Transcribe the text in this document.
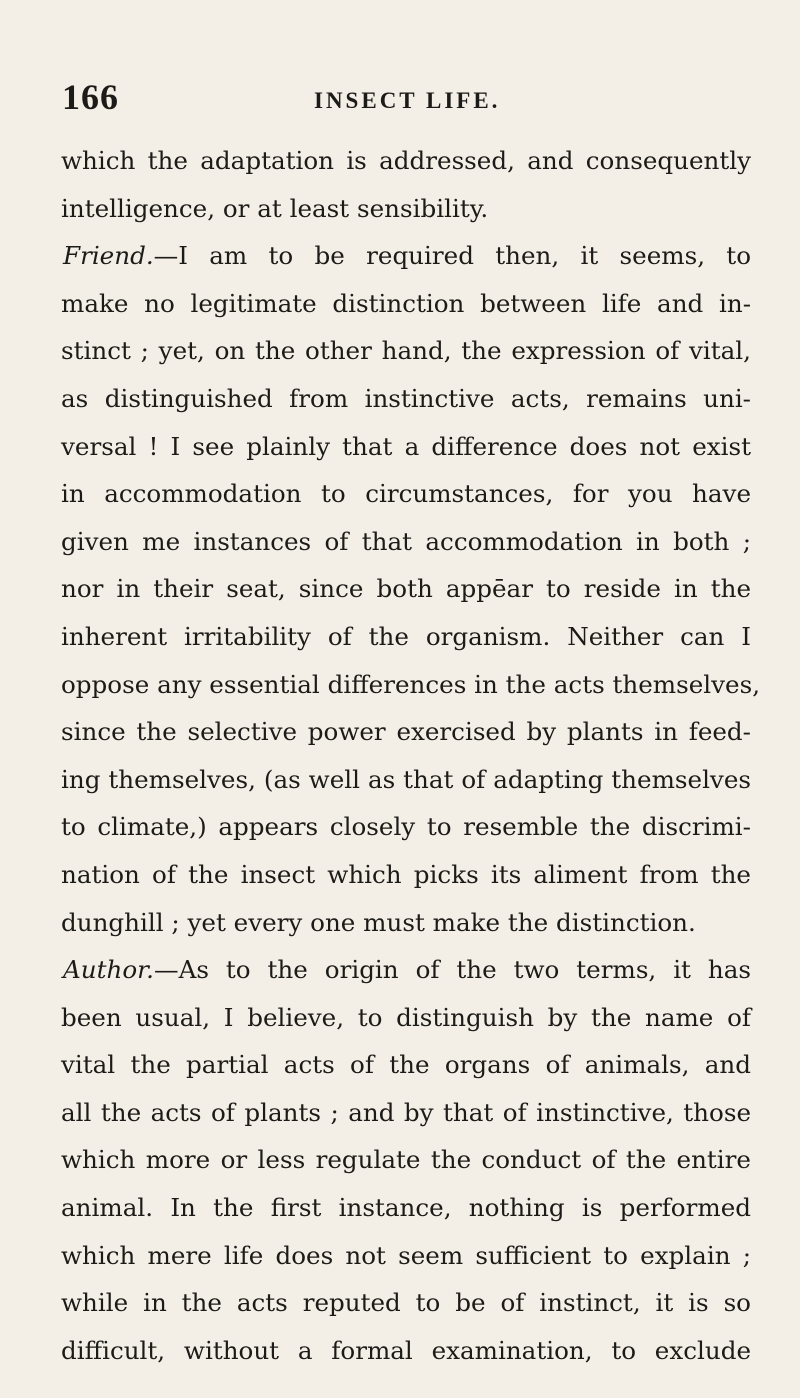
166	INSECT LIFE.
which the adaptation is addressed, and consequently
intelligence, or at least sensibility.
Friend.—I am to be required then, it seems, to
make no legitimate distinction between life and in-
stinct ; yet, on the other hand, the expression of vital,
as distinguished from instinctive acts, remains uni-
versal ! I see plainly that a difference does not exist
in accommodation to circumstances, for you have
given me instances of that accommodation in both ;
nor in their seat, since both appēar to reside in the
inherent irritability of the organism. Neither can I
oppose any essential differences in the acts themselves,
since the selective power exercised by plants in feed-
ing themselves, (as well as that of adapting themselves
to climate,) appears closely to resemble the discrimi-
nation of the insect which picks its aliment from the
dunghill ; yet every one must make the distinction.
Author.—As to the origin of the two terms, it has
been usual, I believe, to distinguish by the name of
vital the partial acts of the organs of animals, and
all the acts of plants ; and by that of instinctive, those
which more or less regulate the conduct of the entire
animal. In the first instance, nothing is performed
which mere life does not seem sufficient to explain ;
while in the acts reputed to be of instinct, it is so
difficult, without a formal examination, to exclude
